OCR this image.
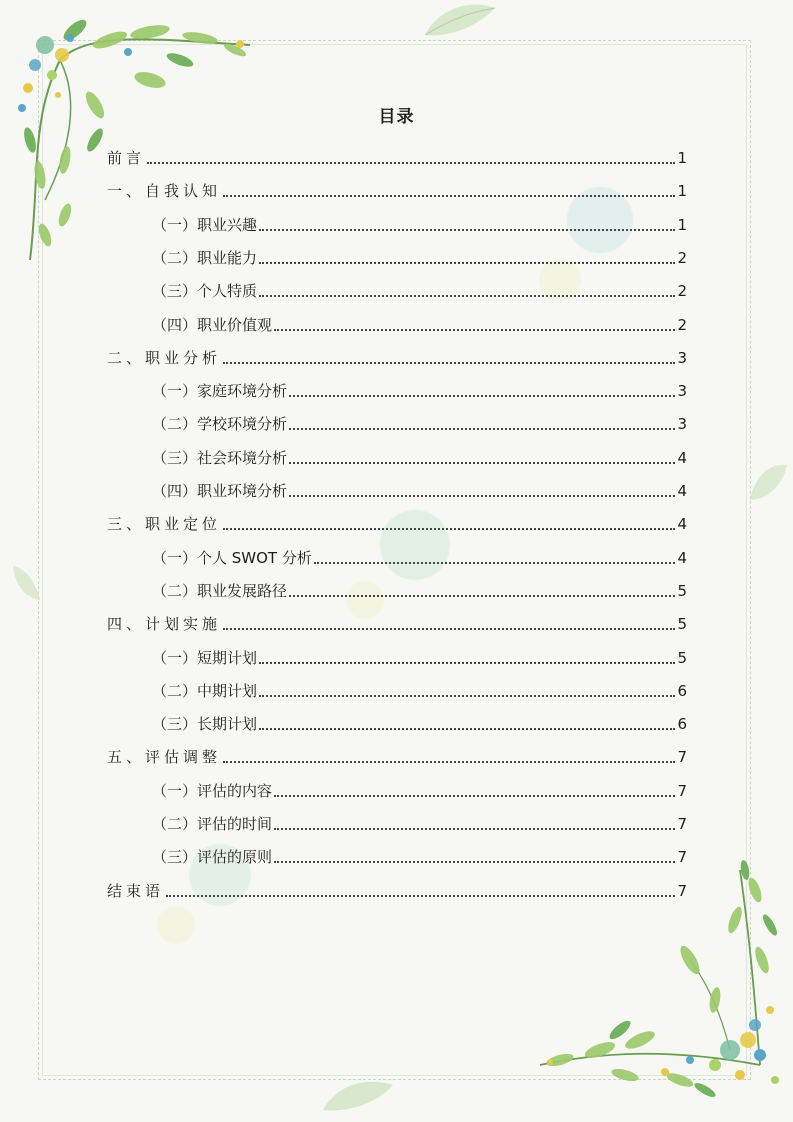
目录
前言	1
一、自我认知	1
（一）职业兴趣	1
（二）职业能力	2
（三）个人特质	2
（四）职业价值观	2
二、职业分析	3
（一）家庭环境分析	3
（二）学校环境分析	3
（三）社会环境分析	4
（四）职业环境分析	4
三、职业定位	4
（一）个人 SWOT 分析	4
（二）职业发展路径	5
四、计划实施	5
（一）短期计划	5
（二）中期计划	6
（三）长期计划	6
五、评估调整	7
（一）评估的内容	7
（二）评估的时间	7
（三）评估的原则	7
结束语	7
